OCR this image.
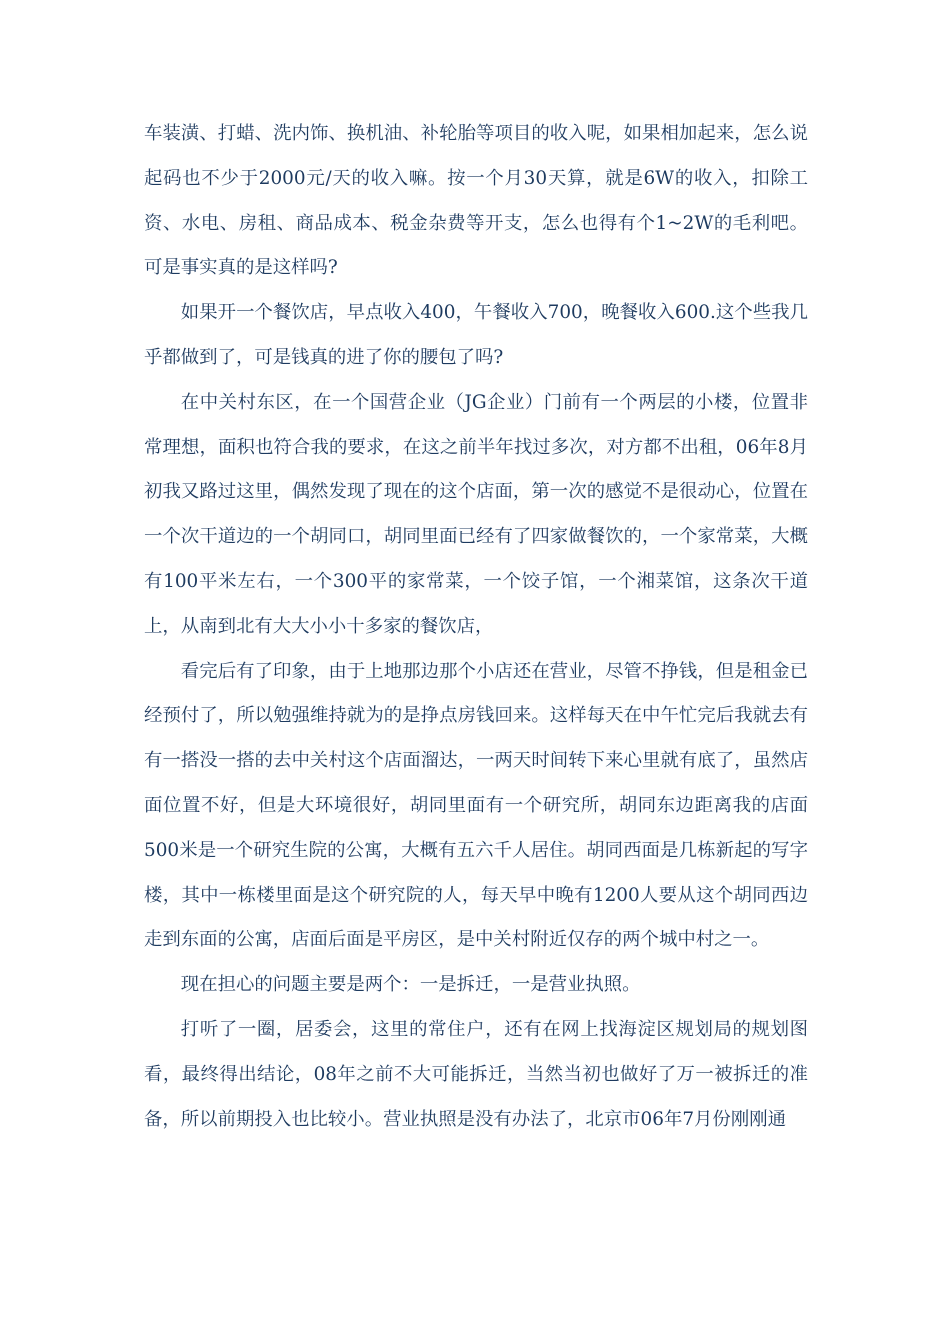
车装潢、打蜡、洗内饰、换机油、补轮胎等项目的收入呢，如果相加起来，怎么说起码也不少于2000元/天的收入嘛。按一个月30天算，就是6W的收入，扣除工资、水电、房租、商品成本、税金杂费等开支，怎么也得有个1~2W的毛利吧。可是事实真的是这样吗?

如果开一个餐饮店，早点收入400，午餐收入700，晚餐收入600.这个些我几乎都做到了，可是钱真的进了你的腰包了吗?

在中关村东区，在一个国营企业（JG企业）门前有一个两层的小楼，位置非常理想，面积也符合我的要求，在这之前半年找过多次，对方都不出租，06年8月初我又路过这里，偶然发现了现在的这个店面，第一次的感觉不是很动心，位置在一个次干道边的一个胡同口，胡同里面已经有了四家做餐饮的，一个家常菜，大概有100平米左右，一个300平的家常菜，一个饺子馆，一个湘菜馆，这条次干道上，从南到北有大大小小十多家的餐饮店，

看完后有了印象，由于上地那边那个小店还在营业，尽管不挣钱，但是租金已经预付了，所以勉强维持就为的是挣点房钱回来。这样每天在中午忙完后我就去有有一搭没一搭的去中关村这个店面溜达，一两天时间转下来心里就有底了，虽然店面位置不好，但是大环境很好，胡同里面有一个研究所，胡同东边距离我的店面500米是一个研究生院的公寓，大概有五六千人居住。胡同西面是几栋新起的写字楼，其中一栋楼里面是这个研究院的人，每天早中晚有1200人要从这个胡同西边走到东面的公寓，店面后面是平房区，是中关村附近仅存的两个城中村之一。

现在担心的问题主要是两个：一是拆迁，一是营业执照。

打听了一圈，居委会，这里的常住户，还有在网上找海淀区规划局的规划图看，最终得出结论，08年之前不大可能拆迁，当然当初也做好了万一被拆迁的准备，所以前期投入也比较小。营业执照是没有办法了，北京市06年7月份刚刚通
